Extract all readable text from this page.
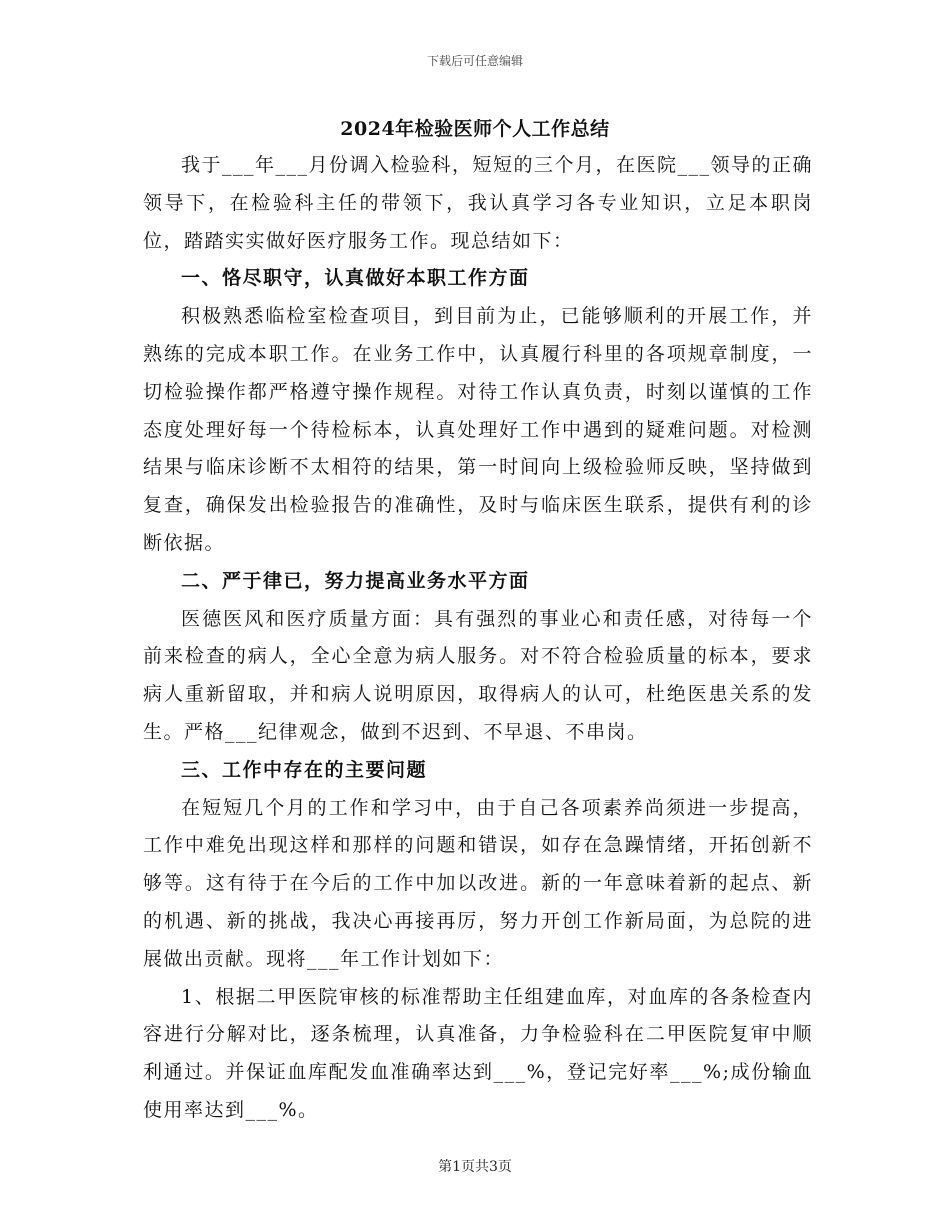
下载后可任意编辑
2024年检验医师个人工作总结

我于___年___月份调入检验科，短短的三个月，在医院___领导的正确领导下，在检验科主任的带领下，我认真学习各专业知识，立足本职岗位，踏踏实实做好医疗服务工作。现总结如下：

一、恪尽职守，认真做好本职工作方面

积极熟悉临检室检查项目，到目前为止，已能够顺利的开展工作，并熟练的完成本职工作。在业务工作中，认真履行科里的各项规章制度，一切检验操作都严格遵守操作规程。对待工作认真负责，时刻以谨慎的工作态度处理好每一个待检标本，认真处理好工作中遇到的疑难问题。对检测结果与临床诊断不太相符的结果，第一时间向上级检验师反映，坚持做到复查，确保发出检验报告的准确性，及时与临床医生联系，提供有利的诊断依据。

二、严于律已，努力提高业务水平方面

医德医风和医疗质量方面：具有强烈的事业心和责任感，对待每一个前来检查的病人，全心全意为病人服务。对不符合检验质量的标本，要求病人重新留取，并和病人说明原因，取得病人的认可，杜绝医患关系的发生。严格___纪律观念，做到不迟到、不早退、不串岗。

三、工作中存在的主要问题

在短短几个月的工作和学习中，由于自己各项素养尚须进一步提高，工作中难免出现这样和那样的问题和错误，如存在急躁情绪，开拓创新不够等。这有待于在今后的工作中加以改进。新的一年意味着新的起点、新的机遇、新的挑战，我决心再接再厉，努力开创工作新局面，为总院的进展做出贡献。现将___年工作计划如下：

1、根据二甲医院审核的标准帮助主任组建血库，对血库的各条检查内容进行分解对比，逐条梳理，认真准备，力争检验科在二甲医院复审中顺利通过。并保证血库配发血准确率达到___%，登记完好率___%;成份输血使用率达到___%。

第1页共3页
